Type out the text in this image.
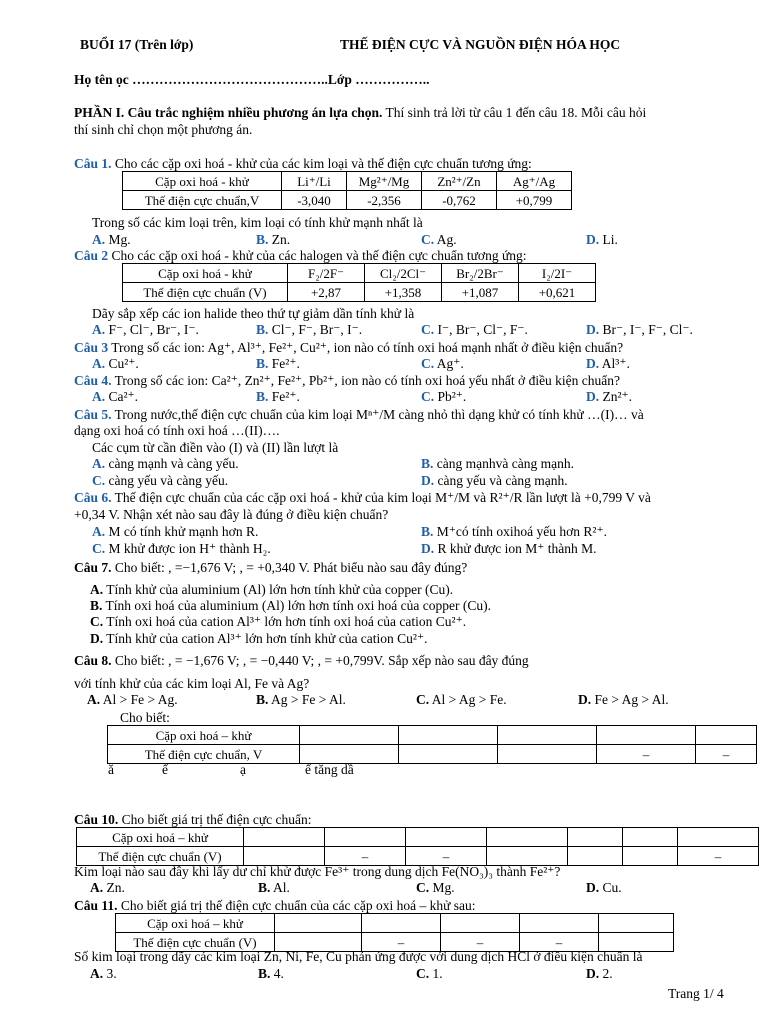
BUỔI 17 (Trên lớp)	THẾ ĐIỆN CỰC VÀ NGUỒN ĐIỆN HÓA HỌC
Họ tên ọc ……………………………………..Lớp ……………..
PHẦN I. Câu trắc nghiệm nhiều phương án lựa chọn. Thí sinh trả lời từ câu 1 đến câu 18. Mỗi câu hỏi
thí sinh chỉ chọn một phương án.
Câu 1. Cho các cặp oxi hoá - khử của các kim loại và thế điện cực chuẩn tương ứng:
Cặp oxi hoá - khử	Li⁺/Li	Mg²⁺/Mg	Zn²⁺/Zn	Ag⁺/Ag
Thế điện cực chuẩn,V	-3,040	-2,356	-0,762	+0,799
Trong số các kim loại trên, kim loại có tính khử mạnh nhất là
A. Mg.	B. Zn.	C. Ag.	D. Li.
Câu 2 Cho các cặp oxi hoá - khử của các halogen và thế điện cực chuẩn tương ứng:
Cặp oxi hoá - khử	F₂/2F⁻	Cl₂/2Cl⁻	Br₂/2Br⁻	I₂/2I⁻
Thế điện cực chuẩn (V)	+2,87	+1,358	+1,087	+0,621
Dãy sắp xếp các ion halide theo thứ tự giảm dần tính khử là
A. F⁻, Cl⁻, Br⁻, I⁻.	B. Cl⁻, F⁻, Br⁻, I⁻.	C. I⁻, Br⁻, Cl⁻, F⁻.	D. Br⁻, I⁻, F⁻, Cl⁻.
Câu 3 Trong số các ion: Ag⁺, Al³⁺, Fe²⁺, Cu²⁺, ion nào có tính oxi hoá mạnh nhất ở điều kiện chuẩn?
A. Cu²⁺.	B. Fe²⁺.	C. Ag⁺.	D. Al³⁺.
Câu 4. Trong số các ion: Ca²⁺, Zn²⁺, Fe²⁺, Pb²⁺, ion nào có tính oxi hoá yếu nhất ở điều kiện chuẩn?
A. Ca²⁺.	B. Fe²⁺.	C. Pb²⁺.	D. Zn²⁺.
Câu 5. Trong nước,thế điện cực chuẩn của kim loại Mⁿ⁺/M càng nhỏ thì dạng khử có tính khử …(I)… và
dạng oxi hoá có tính oxi hoá …(II)….
Các cụm từ cần điền vào (I) và (II) lần lượt là
A. càng mạnh và càng yếu.	B. càng mạnhvà càng mạnh.
C. càng yếu và càng yếu.	D. càng yếu và càng mạnh.
Câu 6. Thế điện cực chuẩn của các cặp oxi hoá - khử của kim loại M⁺/M và R²⁺/R lần lượt là +0,799 V và
+0,34 V. Nhận xét nào sau đây là đúng ở điều kiện chuẩn?
A. M có tính khử mạnh hơn R.	B. M⁺có tính oxihoá yếu hơn R²⁺.
C. M khử được ion H⁺ thành H₂.	D. R khử được ion M⁺ thành M.
Câu 7. Cho biết: , =−1,676 V; , = +0,340 V. Phát biểu nào sau đây đúng?
A. Tính khử của aluminium (Al) lớn hơn tính khử của copper (Cu).
B. Tính oxi hoá của aluminium (Al) lớn hơn tính oxi hoá của copper (Cu).
C. Tính oxi hoá của cation Al³⁺ lớn hơn tính oxi hoá của cation Cu²⁺.
D. Tính khử của cation Al³⁺ lớn hơn tính khử của cation Cu²⁺.
Câu 8. Cho biết: , = −1,676 V; , = −0,440 V; , = +0,799V. Sắp xếp nào sau đây đúng
với tính khử của các kim loại Al, Fe và Ag?
A. Al > Fe > Ag.	B. Ag > Fe > Al.	C. Al > Ag > Fe.	D. Fe > Ag > Al.
Cho biết:
Cặp oxi hoá – khử					
Thế điện cực chuẩn, V				–	–
ă	ế	ạ	ế tăng dầ
Câu 10. Cho biết giá trị thế điện cực chuẩn:
Cặp oxi hoá – khử							
Thế điện cực chuẩn (V)		–	–				–
Kim loại nào sau đây khi lấy dư chỉ khử được Fe³⁺ trong dung dịch Fe(NO₃)₃ thành Fe²⁺?
A. Zn.	B. Al.	C. Mg.	D. Cu.
Câu 11. Cho biết giá trị thế điện cực chuẩn của các cặp oxi hoá – khử sau:
Cặp oxi hoá – khử					
Thế điện cực chuẩn (V)		–	–	–	
Số kim loại trong dãy các kim loại Zn, Ni, Fe, Cu phản ứng được với dung dịch HCl ở điều kiện chuẩn là
A. 3.	B. 4.	C. 1.	D. 2.
Trang 1/ 4
